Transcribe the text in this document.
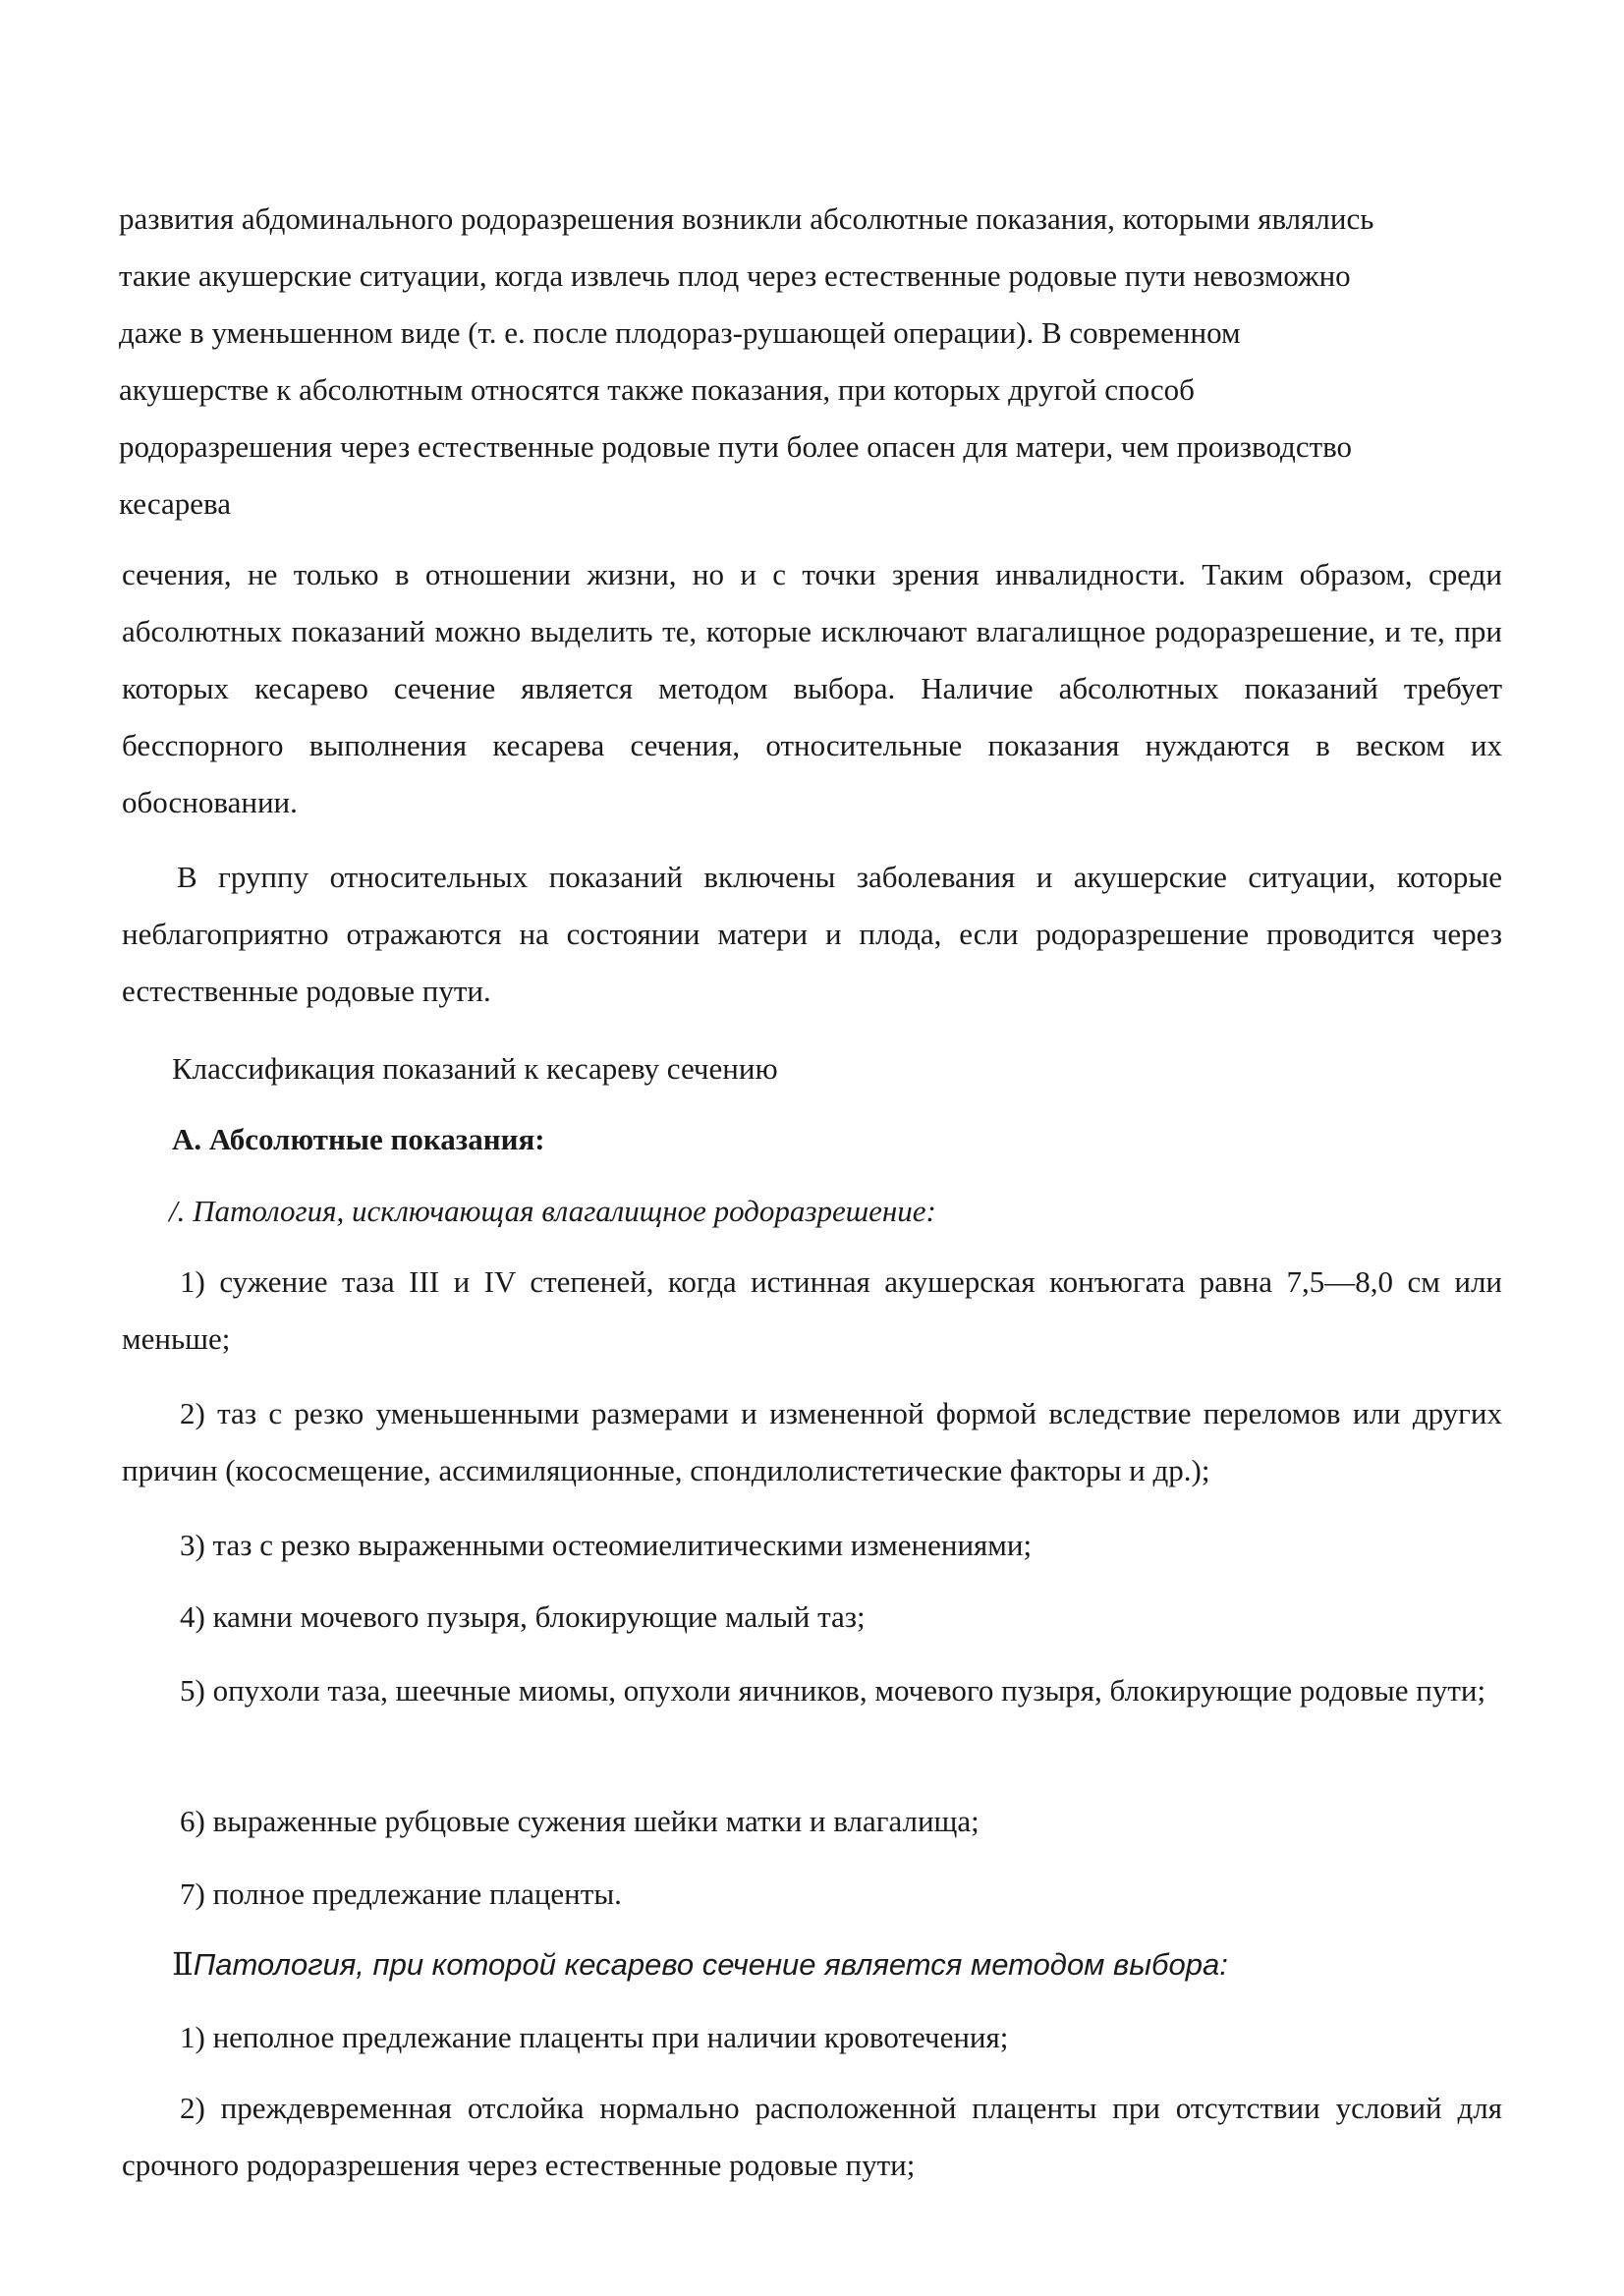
развития абдоминального родоразрешения возникли абсолютные показания, которыми являлись
такие акушерские ситуации, когда извлечь плод через естественные родовые пути невозможно
даже в уменьшенном виде (т. е. после плодораз-рушающей операции). В современном
акушерстве к абсолютным относятся также показания, при которых другой способ
родоразрешения через естественные родовые пути более опасен для матери, чем производство
кесарева

сечения, не только в отношении жизни, но и с точки зрения инвалидности. Таким образом, среди абсолютных показаний можно выделить те, которые исключают влагалищное родоразрешение, и те, при которых кесарево сечение является методом выбора. Наличие абсолютных показаний требует бесспорного выполнения кесарева сечения, относительные показания нуждаются в веском их обосновании.

В группу относительных показаний включены заболевания и акушерские ситуации, которые неблагоприятно отражаются на состоянии матери и плода, если родоразрешение проводится через естественные родовые пути.

Классификация показаний к кесареву сечению

А. Абсолютные показания:

/. Патология, исключающая влагалищное родоразрешение:

1) сужение таза III и IV степеней, когда истинная акушерская конъюгата равна 7,5—8,0 см или меньше;

2) таз с резко уменьшенными размерами и измененной формой вследствие переломов или других причин (кососмещение, ассимиляционные, спондилолистетические факторы и др.);

3) таз с резко выраженными остеомиелитическими изменениями;

4) камни мочевого пузыря, блокирующие малый таз;

5) опухоли таза, шеечные миомы, опухоли яичников, мочевого пузыря, блокирующие родовые пути;

6) выраженные рубцовые сужения шейки матки и влагалища;

7) полное предлежание плаценты.

ⅡПатология, при которой кесарево сечение является методом выбора:

1) неполное предлежание плаценты при наличии кровотечения;

2) преждевременная отслойка нормально расположенной плаценты при отсутствии условий для срочного родоразрешения через естественные родовые пути;
